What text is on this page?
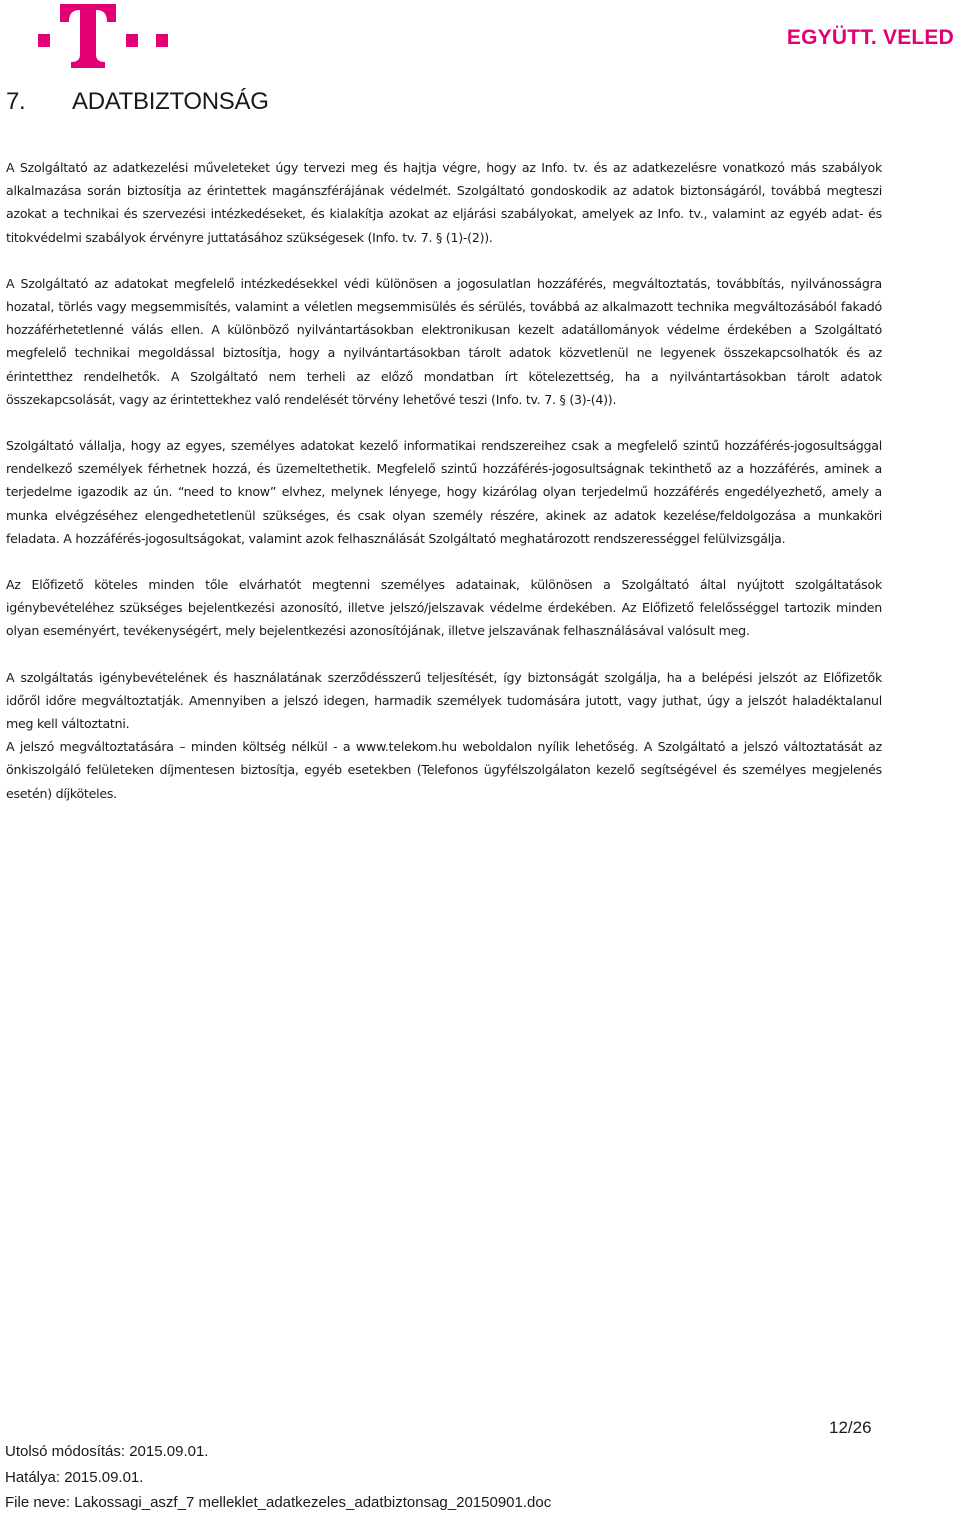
EGYÜTT. VELED
7. ADATBIZTONSÁG

A Szolgáltató az adatkezelési műveleteket úgy tervezi meg és hajtja végre, hogy az Info. tv. és az adatkezelésre vonatkozó más szabályok alkalmazása során biztosítja az érintettek magánszférájának védelmét. Szolgáltató gondoskodik az adatok biztonságáról, továbbá megteszi azokat a technikai és szervezési intézkedéseket, és kialakítja azokat az eljárási szabályokat, amelyek az Info. tv., valamint az egyéb adat- és titokvédelmi szabályok érvényre juttatásához szükségesek (Info. tv. 7. § (1)-(2)).

A Szolgáltató az adatokat megfelelő intézkedésekkel védi különösen a jogosulatlan hozzáférés, megváltoztatás, továbbítás, nyilvánosságra hozatal, törlés vagy megsemmisítés, valamint a véletlen megsemmisülés és sérülés, továbbá az alkalmazott technika megváltozásából fakadó hozzáférhetetlenné válás ellen. A különböző nyilvántartásokban elektronikusan kezelt adatállományok védelme érdekében a Szolgáltató megfelelő technikai megoldással biztosítja, hogy a nyilvántartásokban tárolt adatok közvetlenül ne legyenek összekapcsolhatók és az érintetthez rendelhetők. A Szolgáltató nem terheli az előző mondatban írt kötelezettség, ha a nyilvántartásokban tárolt adatok összekapcsolását, vagy az érintettekhez való rendelését törvény lehetővé teszi (Info. tv. 7. § (3)-(4)).

Szolgáltató vállalja, hogy az egyes, személyes adatokat kezelő informatikai rendszereihez csak a megfelelő szintű hozzáférés-jogosultsággal rendelkező személyek férhetnek hozzá, és üzemeltethetik. Megfelelő szintű hozzáférés-jogosultságnak tekinthető az a hozzáférés, aminek a terjedelme igazodik az ún. “need to know” elvhez, melynek lényege, hogy kizárólag olyan terjedelmű hozzáférés engedélyezhető, amely a munka elvégzéséhez elengedhetetlenül szükséges, és csak olyan személy részére, akinek az adatok kezelése/feldolgozása a munkaköri feladata. A hozzáférés-jogosultságokat, valamint azok felhasználását Szolgáltató meghatározott rendszerességgel felülvizsgálja.

Az Előfizető köteles minden tőle elvárhatót megtenni személyes adatainak, különösen a Szolgáltató által nyújtott szolgáltatások igénybevételéhez szükséges bejelentkezési azonosító, illetve jelszó/jelszavak védelme érdekében. Az Előfizető felelősséggel tartozik minden olyan eseményért, tevékenységért, mely bejelentkezési azonosítójának, illetve jelszavának felhasználásával valósult meg.

A szolgáltatás igénybevételének és használatának szerződésszerű teljesítését, így biztonságát szolgálja, ha a belépési jelszót az Előfizetők időről időre megváltoztatják. Amennyiben a jelszó idegen, harmadik személyek tudomására jutott, vagy juthat, úgy a jelszót haladéktalanul meg kell változtatni.

A jelszó megváltoztatására – minden költség nélkül - a www.telekom.hu weboldalon nyílik lehetőség. A Szolgáltató a jelszó változtatását az önkiszolgáló felületeken díjmentesen biztosítja, egyéb esetekben (Telefonos ügyfélszolgálaton kezelő segítségével és személyes megjelenés esetén) díjköteles.

12/26
Utolsó módosítás: 2015.09.01.
Hatálya: 2015.09.01.
File neve: Lakossagi_aszf_7 melleklet_adatkezeles_adatbiztonsag_20150901.doc
